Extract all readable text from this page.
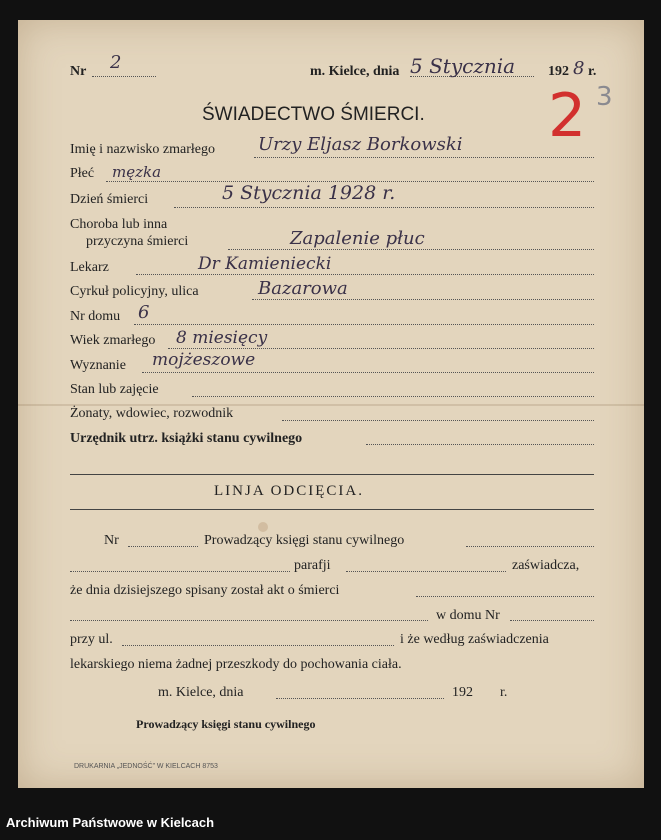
Nr 2	m. Kielce, dnia 5 Stycznia 192 8 r.
ŚWIADECTWO ŚMIERCI. 2 3
Imię i nazwisko zmarłego Urzy Eljasz Borkowski
Płeć męzka
Dzień śmierci	5 Stycznia 1928 r.
Choroba lub inna
przyczyna śmierci	Zapalenie płuc
Lekarz	Dr Kamieniecki
Cyrkuł policyjny, ulica	Bazarowa
Nr domu 6
Wiek zmarłego 8 miesięcy
Wyznanie mojżeszowe
Stan lub zajęcie
Żonaty, wdowiec, rozwodnik
Urzędnik utrz. książki stanu cywilnego
LINJA ODCIĘCIA.
Nr	Prowadzący księgi stanu cywilnego
parafji	zaświadcza,
że dnia dzisiejszego spisany został akt o śmierci
w domu Nr
przy ul.	i że według zaświadczenia
lekarskiego niema żadnej przeszkody do pochowania ciała.
m. Kielce, dnia	192 r.
Prowadzący księgi stanu cywilnego
DRUKARNIA „JEDNOŚĆ” W KIELCACH 8753
Archiwum Państwowe w Kielcach
